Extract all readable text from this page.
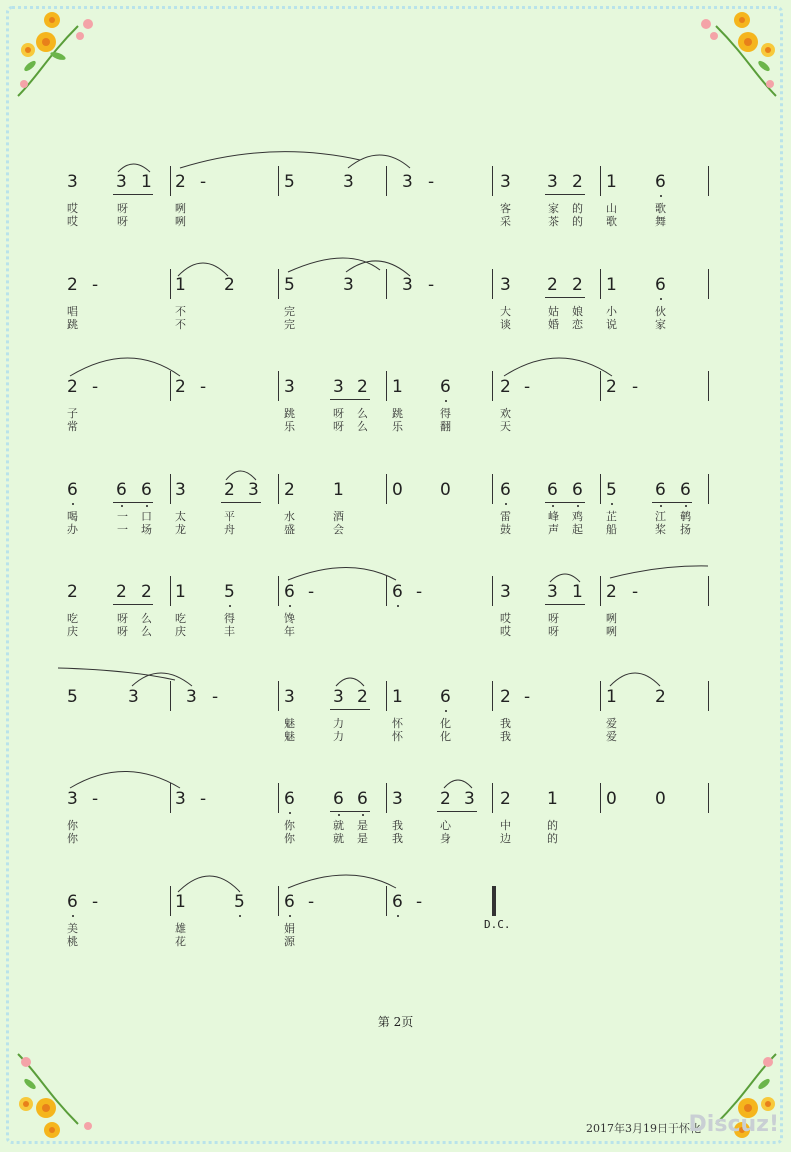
3 3 1 2 -	5	3	3 -	3 3 2 1 6
哎	呀	咧	客	家 的 山	歌
哎	呀	咧	采	茶 的 歌	舞
2 -	1 2	5	3	3 -	3 2 2 1 6
唱	不	完	大	姑 娘 小	伙
跳	不	完	谈	婚 恋 说	家
2 -	2 -	3 3 2 1 6	2 -	2 -
子	跳	呀 么 跳	得	欢
常	乐	呀 么 乐	翻	天
6 6 6 3 2 3 2 1	0 0	6 6 6 5 6 6
喝	一 口 太	平	水	酒	雷	峰 鸡 芷	江 鹌
办	一 场 龙	舟	盛	会	鼓	声 起 船	桨 扬
2 2 2 1 5	6 -	6 -	3 3 1 2 -
吃	呀 么 吃	得	馋	哎	呀	咧
庆	呀 么 庆	丰	年	哎	呀	咧
5	3	3 -	3 3 2 1 6	2 -	1 2
魅	力	怀	化	我	爱
魅	力	怀	化	我	爱
3 -	3 -	6 6 6 3 2 3 2 1	0 0
你	你	就 是 我	心	中	的
你	你	就 是 我	身	边	的
6 -	1	5 6 -	6 -
D.C.
美	雄	娟
桃	花	源
第 2页
2017年3月19日于怀化
Discuz!
